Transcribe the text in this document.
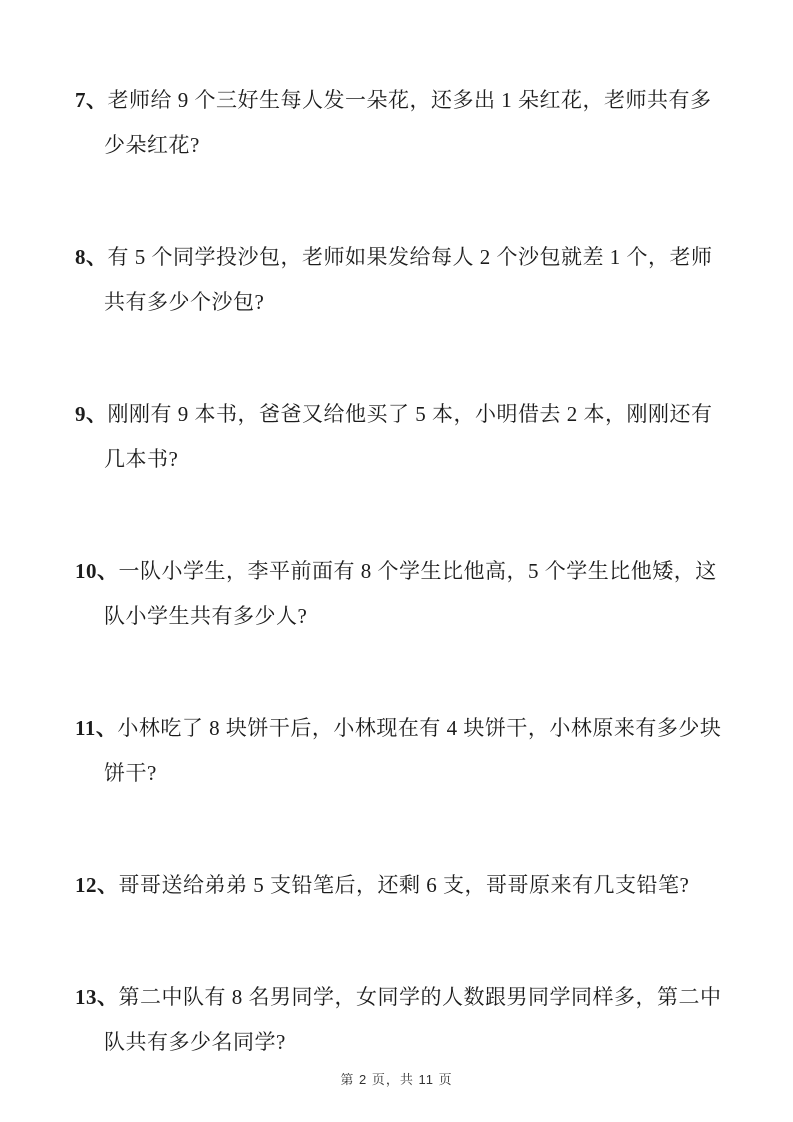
7、老师给 9 个三好生每人发一朵花，还多出 1 朵红花，老师共有多少朵红花?
8、有 5 个同学投沙包，老师如果发给每人 2 个沙包就差 1 个，老师共有多少个沙包?
9、刚刚有 9 本书，爸爸又给他买了 5 本，小明借去 2 本，刚刚还有几本书?
10、一队小学生，李平前面有 8 个学生比他高，5 个学生比他矮，这队小学生共有多少人?
11、小林吃了 8 块饼干后，小林现在有 4 块饼干，小林原来有多少块饼干?
12、哥哥送给弟弟 5 支铅笔后，还剩 6 支，哥哥原来有几支铅笔?
13、第二中队有 8 名男同学，女同学的人数跟男同学同样多，第二中队共有多少名同学?
第 2 页，共 11 页
